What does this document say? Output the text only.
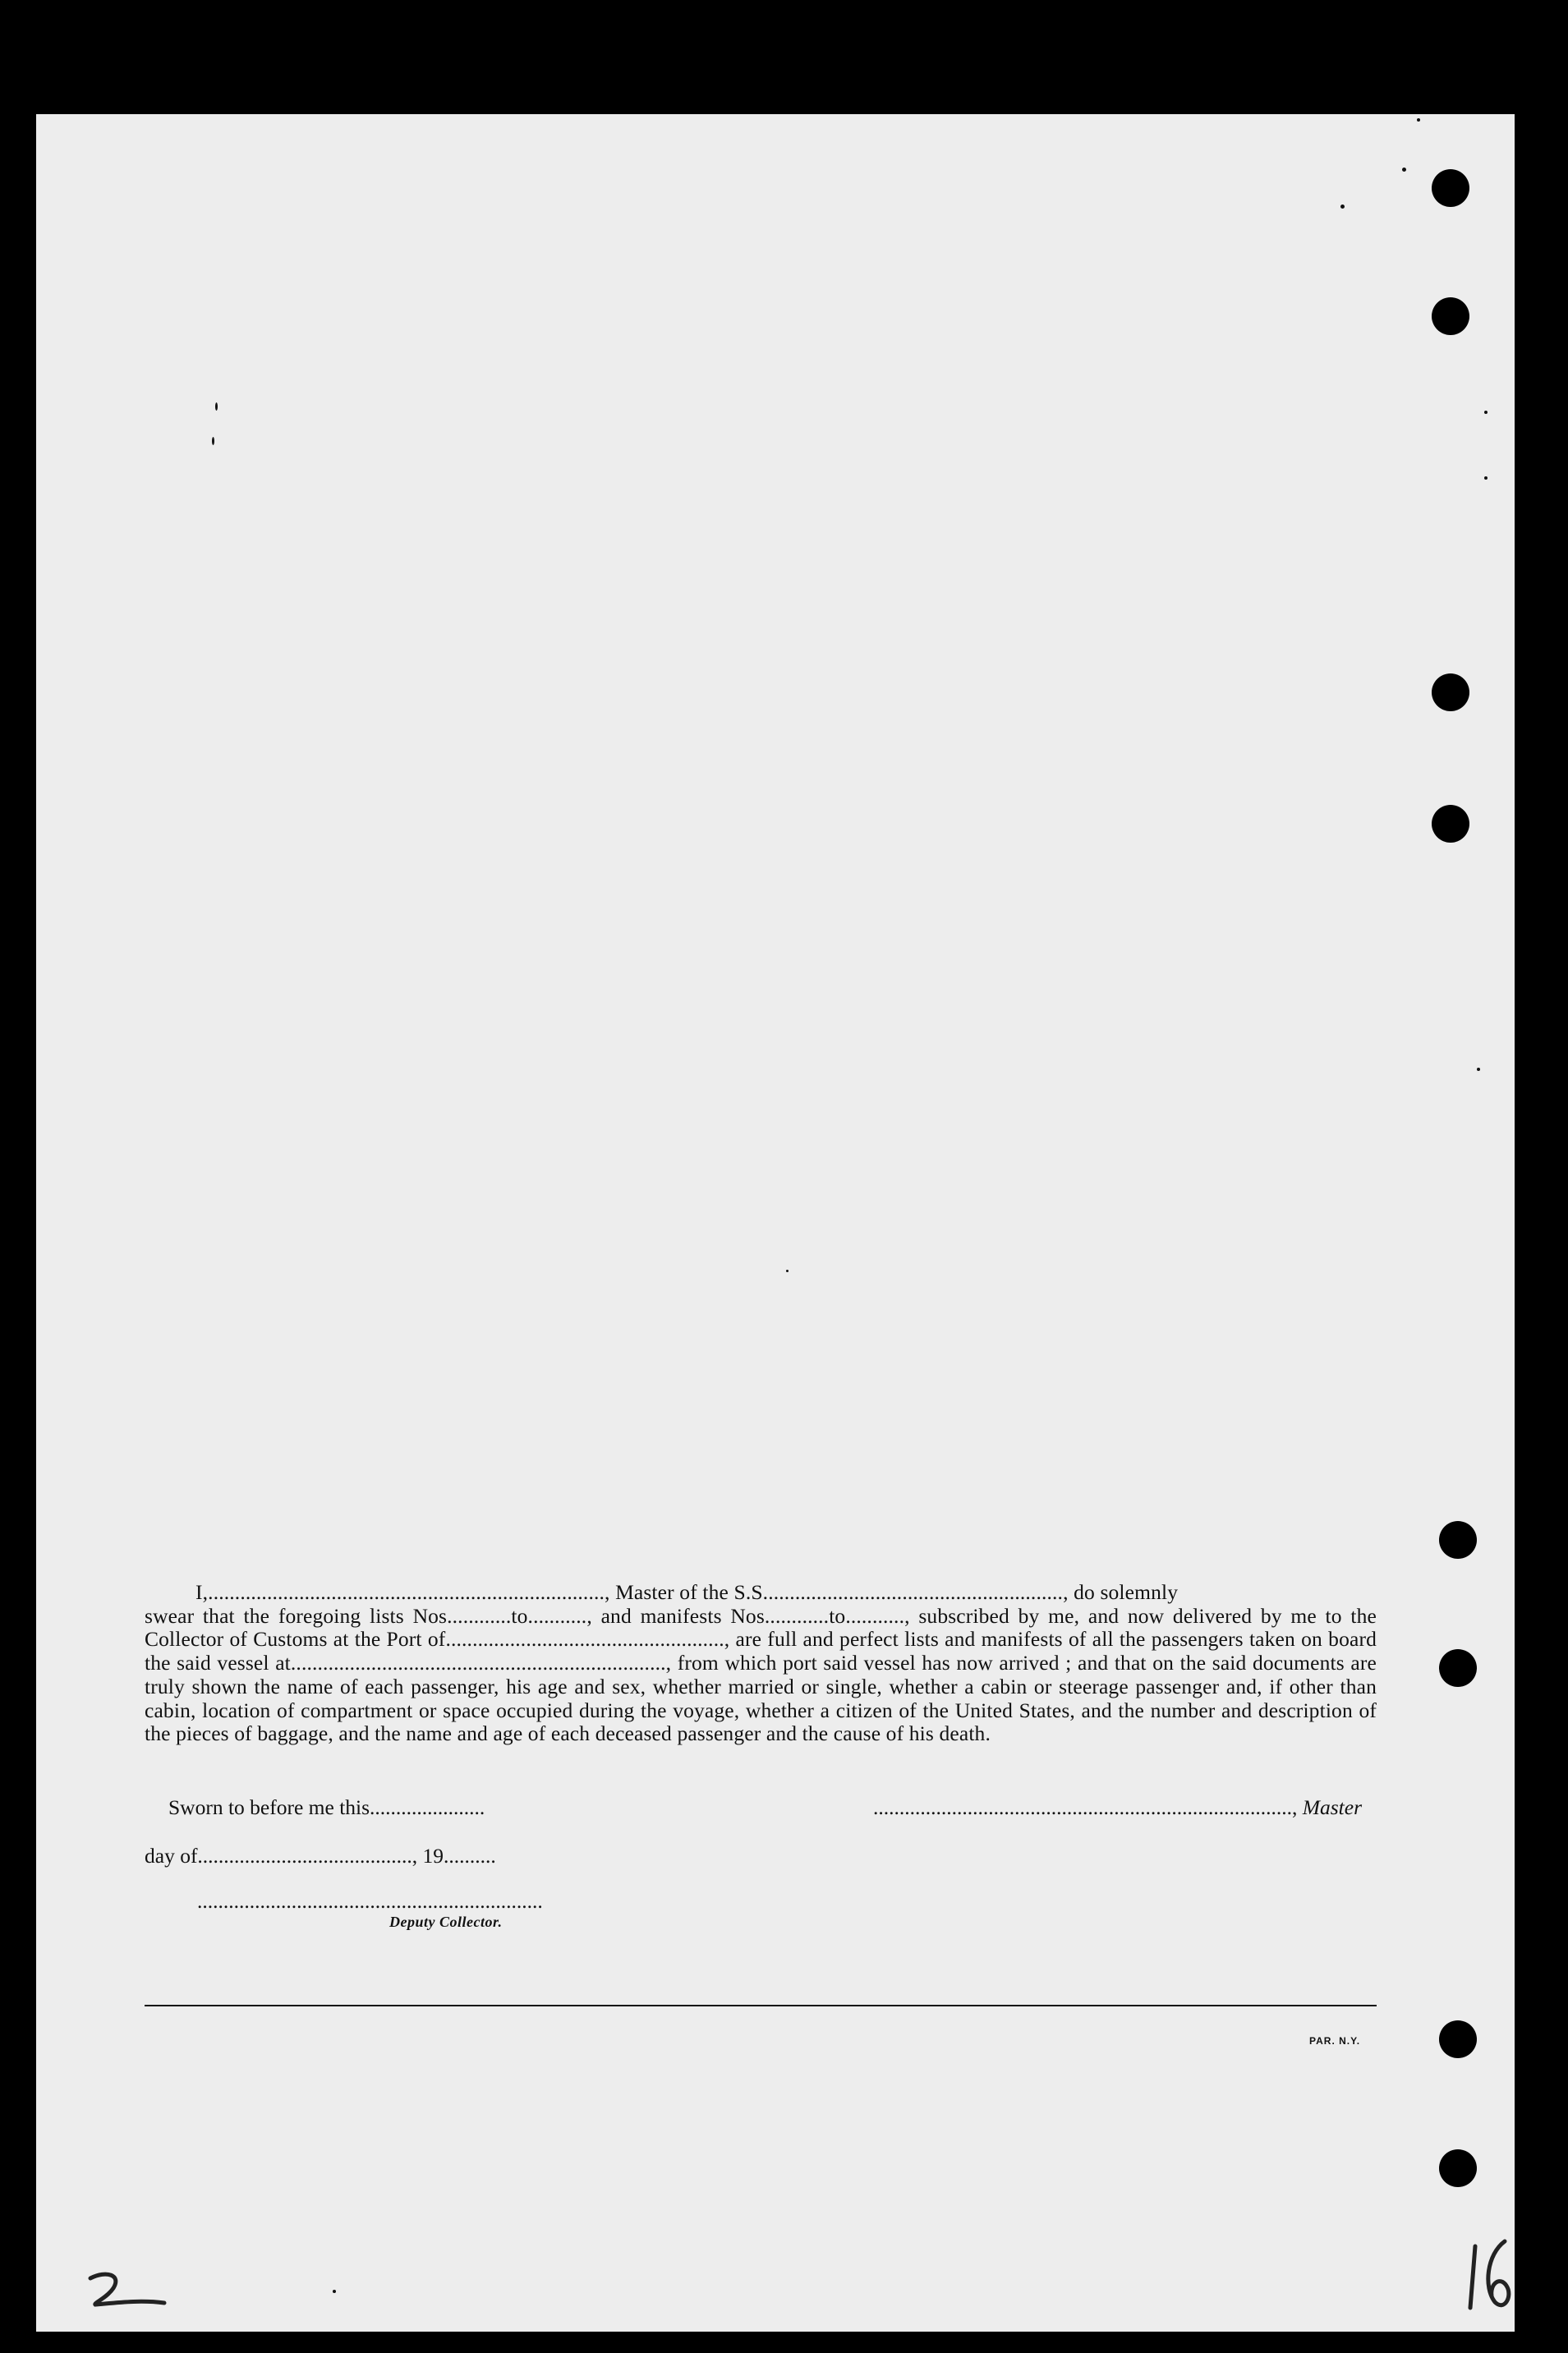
I,.........................................................................., Master of the S.S........................................................, do solemnly

swear that the foregoing lists Nos............to..........., and manifests Nos............to..........., subscribed by me, and now delivered by me to the Collector of Customs at the Port of...................................................., are full and perfect lists and manifests of all the passengers taken on board the said vessel at......................................................................, from which port said vessel has now arrived ; and that on the said documents are truly shown the name of each passenger, his age and sex, whether married or single, whether a cabin or steerage passenger and, if other than cabin, location of compartment or space occupied during the voyage, whether a citizen of the United States, and the number and description of the pieces of baggage, and the name and age of each deceased passenger and the cause of his death.

Sworn to before me this......................	................................................................................, Master
day of........................................., 19..........
..................................................................
Deputy Collector.
PAR. N.Y.
